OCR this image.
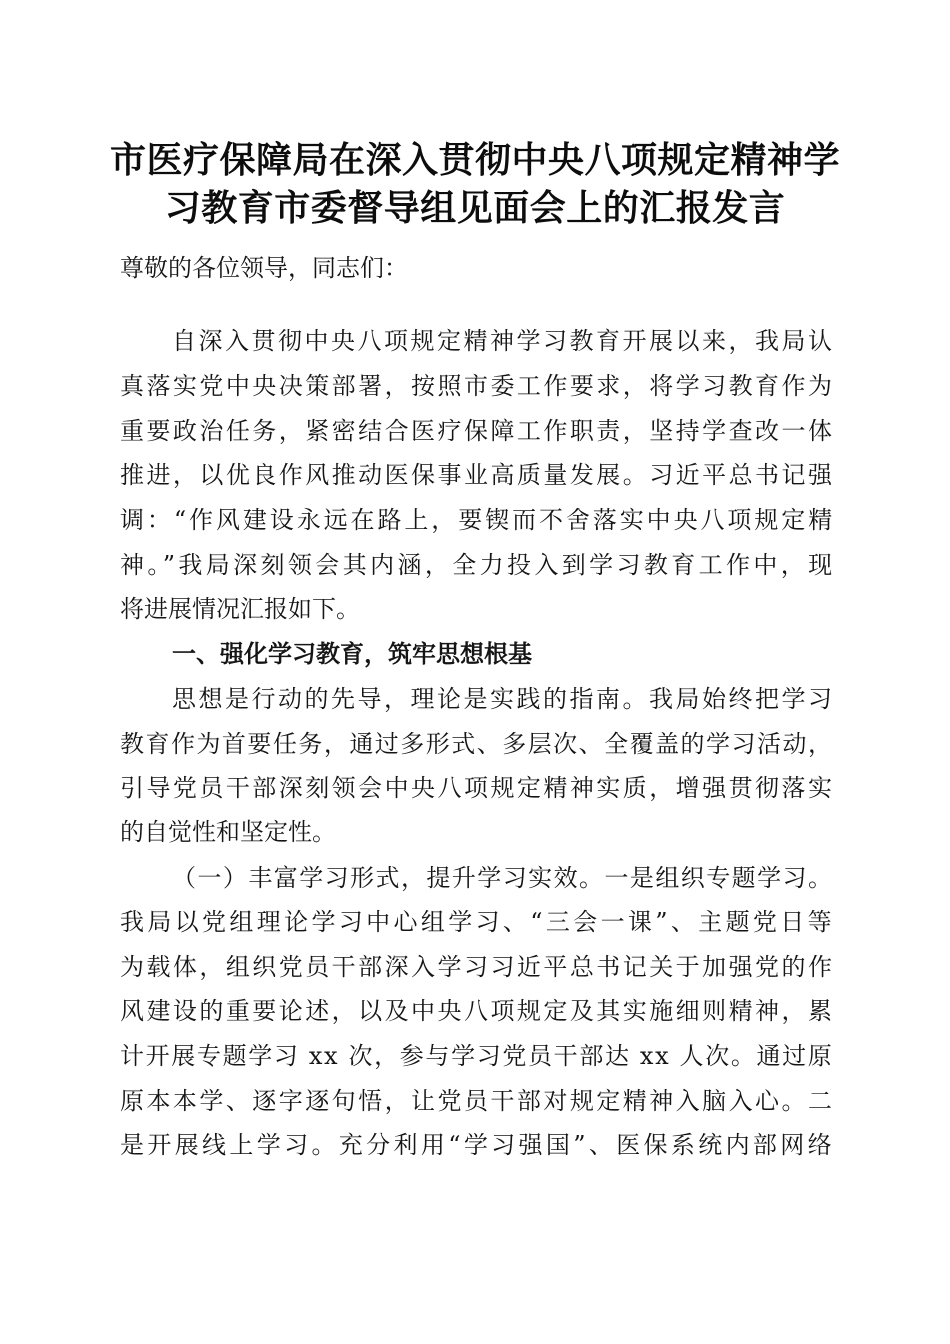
市医疗保障局在深入贯彻中央八项规定精神学
习教育市委督导组见面会上的汇报发言
尊敬的各位领导，同志们：
自深入贯彻中央八项规定精神学习教育开展以来，我局认
真落实党中央决策部署，按照市委工作要求，将学习教育作为
重要政治任务，紧密结合医疗保障工作职责，坚持学查改一体
推进，以优良作风推动医保事业高质量发展。习近平总书记强
调：“作风建设永远在路上，要锲而不舍落实中央八项规定精
神。”我局深刻领会其内涵，全力投入到学习教育工作中，现
将进展情况汇报如下。
一、强化学习教育，筑牢思想根基
思想是行动的先导，理论是实践的指南。我局始终把学习
教育作为首要任务，通过多形式、多层次、全覆盖的学习活动，
引导党员干部深刻领会中央八项规定精神实质，增强贯彻落实
的自觉性和坚定性。
（一）丰富学习形式，提升学习实效。一是组织专题学习。
我局以党组理论学习中心组学习、“三会一课”、主题党日等
为载体，组织党员干部深入学习习近平总书记关于加强党的作
风建设的重要论述，以及中央八项规定及其实施细则精神，累
计开展专题学习 xx 次，参与学习党员干部达 xx 人次。通过原
原本本学、逐字逐句悟，让党员干部对规定精神入脑入心。二
是开展线上学习。充分利用“学习强国”、医保系统内部网络
